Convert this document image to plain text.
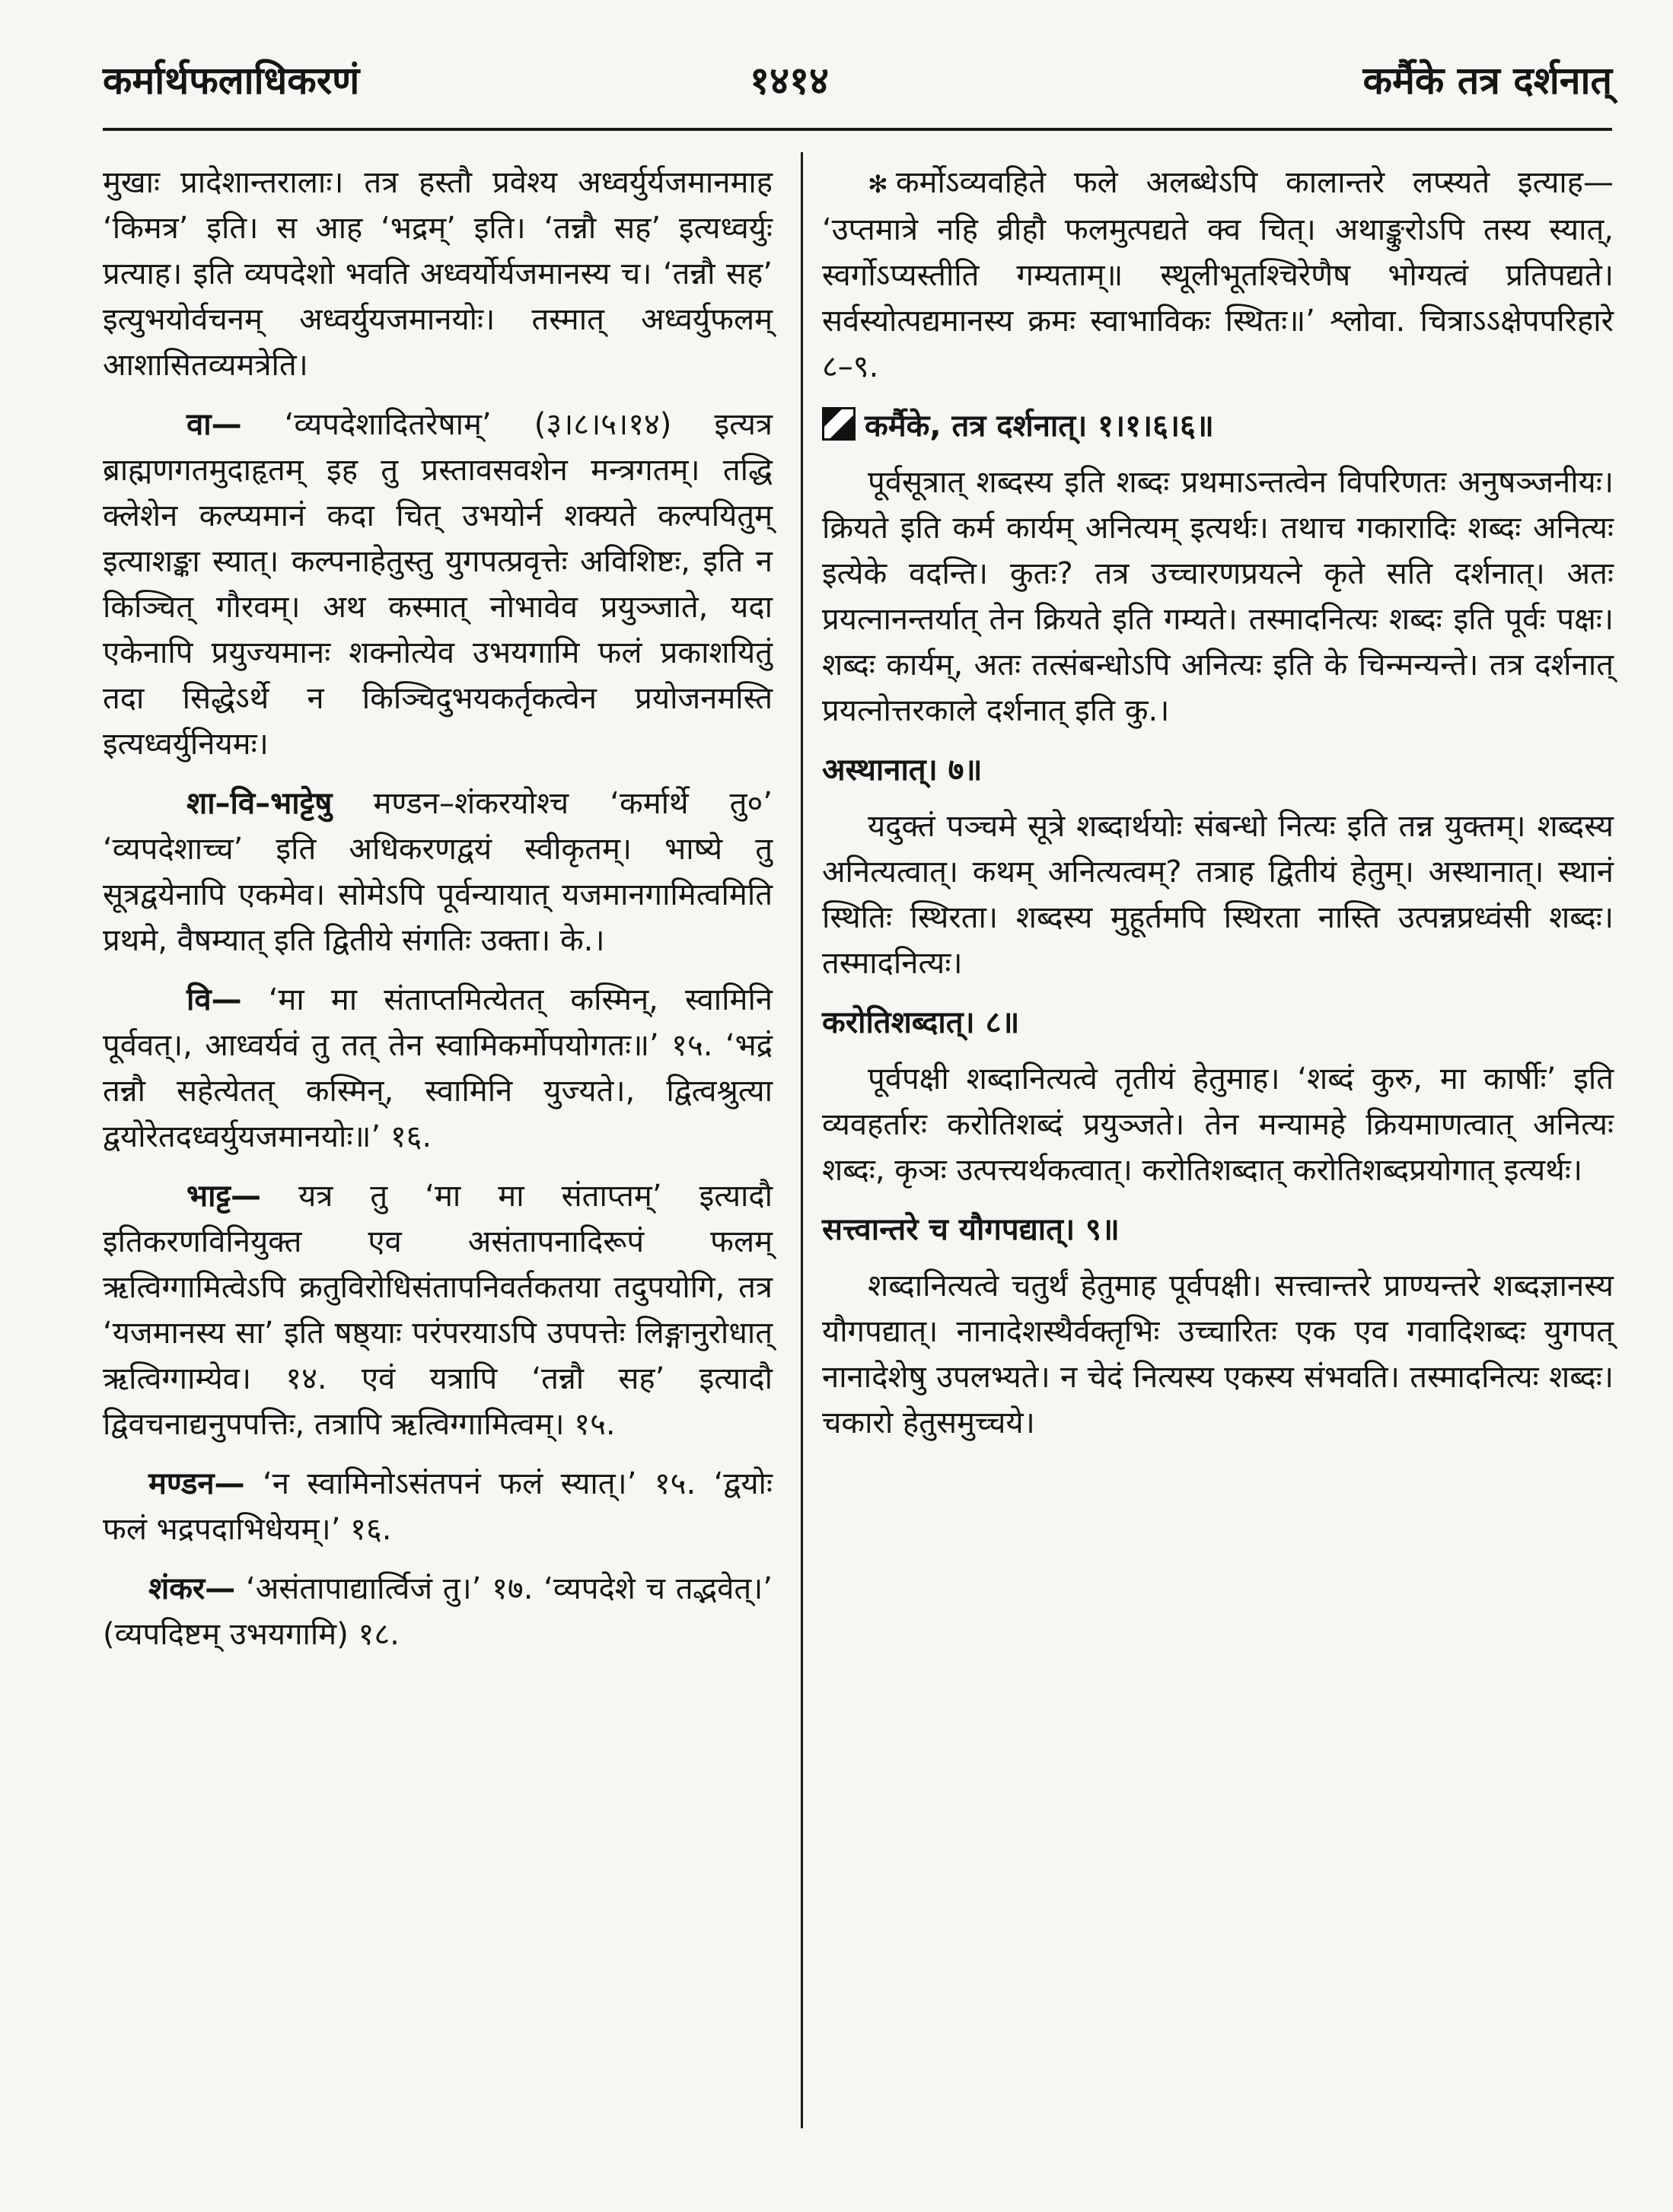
कर्मार्थफलाधिकरणं	१४१४	कर्मैके तत्र दर्शनात्

मुखाः प्रादेशान्तरालाः। तत्र हस्तौ प्रवेश्य अध्वर्युर्यजमानमाह ‘किमत्र’ इति। स आह ‘भद्रम्’ इति। ‘तन्नौ सह’ इत्यध्वर्युः प्रत्याह। इति व्यपदेशो भवति अध्वर्योर्यजमानस्य च। ‘तन्नौ सह’ इत्युभयोर्वचनम् अध्वर्युयजमानयोः। तस्मात् अध्वर्युफलम् आशासितव्यमत्रेति।

वा— ‘व्यपदेशादितरेषाम्’ (३।८।५।१४) इत्यत्र ब्राह्मणगतमुदाहृतम् इह तु प्रस्तावसवशेन मन्त्रगतम्। तद्धि क्लेशेन कल्प्यमानं कदा चित् उभयोर्न शक्यते कल्पयितुम् इत्याशङ्का स्यात्। कल्पनाहेतुस्तु युगपत्प्रवृत्तेः अविशिष्टः, इति न किञ्चित् गौरवम्। अथ कस्मात् नोभावेव प्रयुञ्जाते, यदा एकेनापि प्रयुज्यमानः शक्नोत्येव उभयगामि फलं प्रकाशयितुं तदा सिद्धेऽर्थे न किञ्चिदुभयकर्तृकत्वेन प्रयोजनमस्ति इत्यध्वर्युनियमः।

शा–वि–भाट्टेषु मण्डन–शंकरयोश्च ‘कर्मार्थे तु०’ ‘व्यपदेशाच्च’ इति अधिकरणद्वयं स्वीकृतम्। भाष्ये तु सूत्रद्वयेनापि एकमेव। सोमेऽपि पूर्वन्यायात् यजमानगामित्वमिति प्रथमे, वैषम्यात् इति द्वितीये संगतिः उक्ता। के.।

वि— ‘मा मा संताप्तमित्येतत् कस्मिन्, स्वामिनि पूर्ववत्।, आध्वर्यवं तु तत् तेन स्वामिकर्मोपयोगतः॥’ १५. ‘भद्रं तन्नौ सहेत्येतत् कस्मिन्, स्वामिनि युज्यते।, द्वित्वश्रुत्या द्वयोरेतदध्वर्युयजमानयोः॥’ १६.

भाट्ट— यत्र तु ‘मा मा संताप्तम्’ इत्यादौ इतिकरणविनियुक्त एव असंतापनादिरूपं फलम् ऋत्विग्गामित्वेऽपि क्रतुविरोधिसंतापनिवर्तकतया तदुपयोगि, तत्र ‘यजमानस्य सा’ इति षष्ठ्याः परंपरयाऽपि उपपत्तेः लिङ्गानुरोधात् ऋत्विग्गाम्येव। १४. एवं यत्रापि ‘तन्नौ सह’ इत्यादौ द्विवचनाद्यनुपपत्तिः, तत्रापि ऋत्विग्गामित्वम्। १५.

मण्डन— ‘न स्वामिनोऽसंतपनं फलं स्यात्।’ १५. ‘द्वयोः फलं भद्रपदाभिधेयम्।’ १६.

शंकर— ‘असंतापाद्यार्त्विजं तु।’ १७. ‘व्यपदेशे च तद्भवेत्।’ (व्यपदिष्टम् उभयगामि) १८.

✻ कर्मोऽव्यवहिते फले अलब्धेऽपि कालान्तरे लप्स्यते इत्याह— ‘उप्तमात्रे नहि व्रीहौ फलमुत्पद्यते क्व चित्। अथाङ्कुरोऽपि तस्य स्यात्, स्वर्गोऽप्यस्तीति गम्यताम्॥ स्थूलीभूतश्चिरेणैष भोग्यत्वं प्रतिपद्यते। सर्वस्योत्पद्यमानस्य क्रमः स्वाभाविकः स्थितः॥’ श्लोवा. चित्राऽऽक्षेपपरिहारे ८–९.

कर्मैके, तत्र दर्शनात्। १।१।६।६॥

पूर्वसूत्रात् शब्दस्य इति शब्दः प्रथमाऽन्तत्वेन विपरिणतः अनुषञ्जनीयः। क्रियते इति कर्म कार्यम् अनित्यम् इत्यर्थः। तथाच गकारादिः शब्दः अनित्यः इत्येके वदन्ति। कुतः? तत्र उच्चारणप्रयत्ने कृते सति दर्शनात्। अतः प्रयत्नानन्तर्यात् तेन क्रियते इति गम्यते। तस्मादनित्यः शब्दः इति पूर्वः पक्षः। शब्दः कार्यम्, अतः तत्संबन्धोऽपि अनित्यः इति के चिन्मन्यन्ते। तत्र दर्शनात् प्रयत्नोत्तरकाले दर्शनात् इति कु.।

अस्थानात्। ७॥

यदुक्तं पञ्चमे सूत्रे शब्दार्थयोः संबन्धो नित्यः इति तन्न युक्तम्। शब्दस्य अनित्यत्वात्। कथम् अनित्यत्वम्? तत्राह द्वितीयं हेतुम्। अस्थानात्। स्थानं स्थितिः स्थिरता। शब्दस्य मुहूर्तमपि स्थिरता नास्ति उत्पन्नप्रध्वंसी शब्दः। तस्मादनित्यः।

करोतिशब्दात्। ८॥

पूर्वपक्षी शब्दानित्यत्वे तृतीयं हेतुमाह। ‘शब्दं कुरु, मा कार्षीः’ इति व्यवहर्तारः करोतिशब्दं प्रयुञ्जते। तेन मन्यामहे क्रियमाणत्वात् अनित्यः शब्दः, कृञः उत्पत्त्यर्थकत्वात्। करोतिशब्दात् करोतिशब्दप्रयोगात् इत्यर्थः।

सत्त्वान्तरे च यौगपद्यात्। ९॥

शब्दानित्यत्वे चतुर्थं हेतुमाह पूर्वपक्षी। सत्त्वान्तरे प्राण्यन्तरे शब्दज्ञानस्य यौगपद्यात्। नानादेशस्थैर्वक्तृभिः उच्चारितः एक एव गवादिशब्दः युगपत् नानादेशेषु उपलभ्यते। न चेदं नित्यस्य एकस्य संभवति। तस्मादनित्यः शब्दः। चकारो हेतुसमुच्चये।
